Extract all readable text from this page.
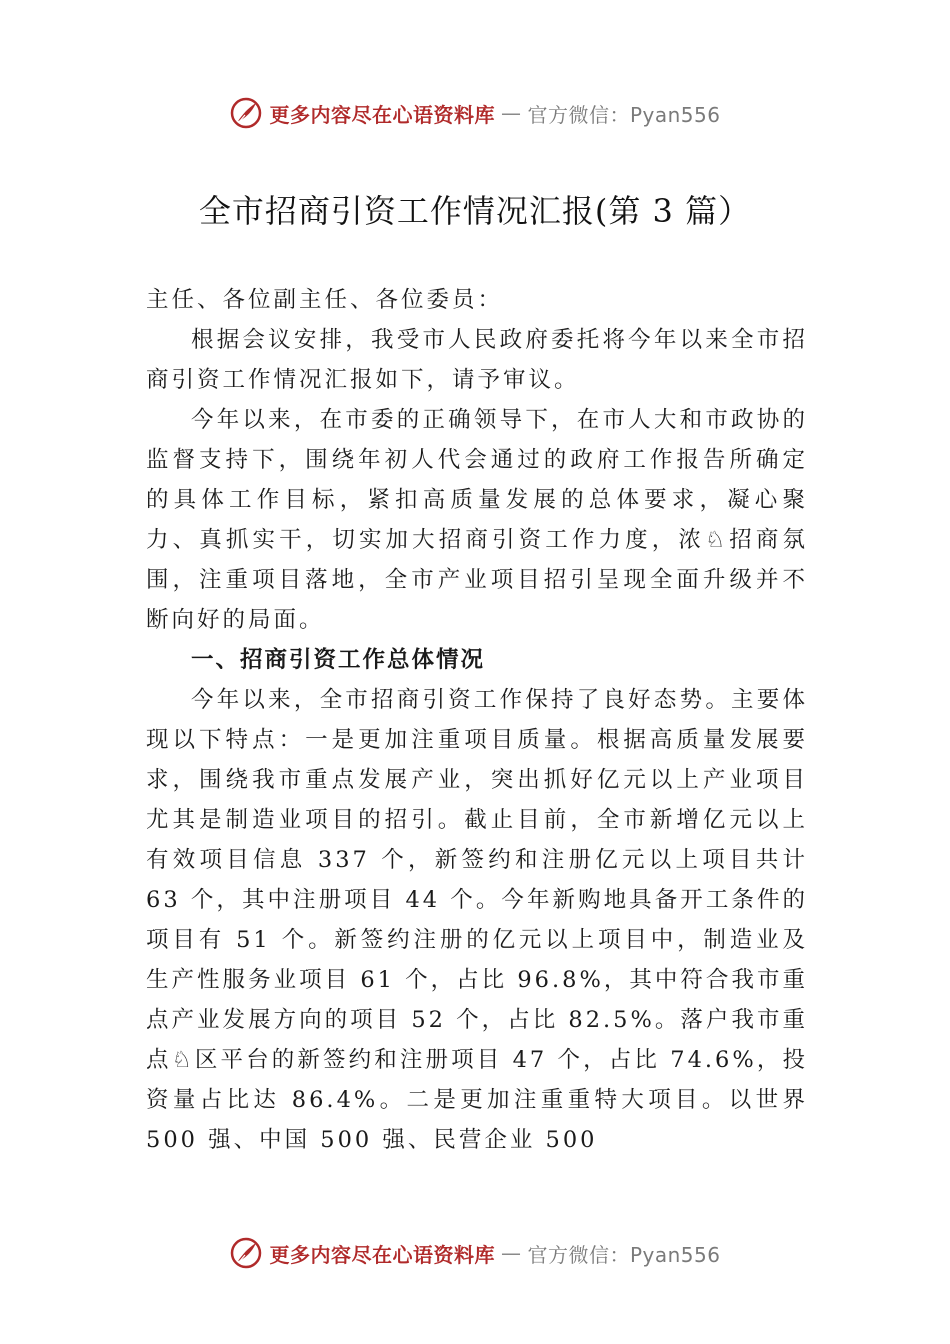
更多内容尽在心语资料库 — 官方微信：Pyan556
全市招商引资工作情况汇报(第 3 篇）

主任、各位副主任、各位委员：

根据会议安排，我受市人民政府委托将今年以来全市招商引资工作情况汇报如下，请予审议。

今年以来，在市委的正确领导下，在市人大和市政协的监督支持下，围绕年初人代会通过的政府工作报告所确定的具体工作目标，紧扣高质量发展的总体要求，凝心聚力、真抓实干，切实加大招商引资工作力度，浓♘招商氛围，注重项目落地，全市产业项目招引呈现全面升级并不断向好的局面。

一、招商引资工作总体情况

今年以来，全市招商引资工作保持了良好态势。主要体现以下特点：一是更加注重项目质量。根据高质量发展要求，围绕我市重点发展产业，突出抓好亿元以上产业项目尤其是制造业项目的招引。截止目前，全市新增亿元以上有效项目信息 337 个，新签约和注册亿元以上项目共计 63 个，其中注册项目 44 个。今年新购地具备开工条件的项目有 51 个。新签约注册的亿元以上项目中，制造业及生产性服务业项目 61 个，占比 96.8%，其中符合我市重点产业发展方向的项目 52 个，占比 82.5%。落户我市重点♘区平台的新签约和注册项目 47 个，占比 74.6%，投资量占比达 86.4%。二是更加注重重特大项目。以世界 500 强、中国 500 强、民营企业 500

更多内容尽在心语资料库 — 官方微信：Pyan556
